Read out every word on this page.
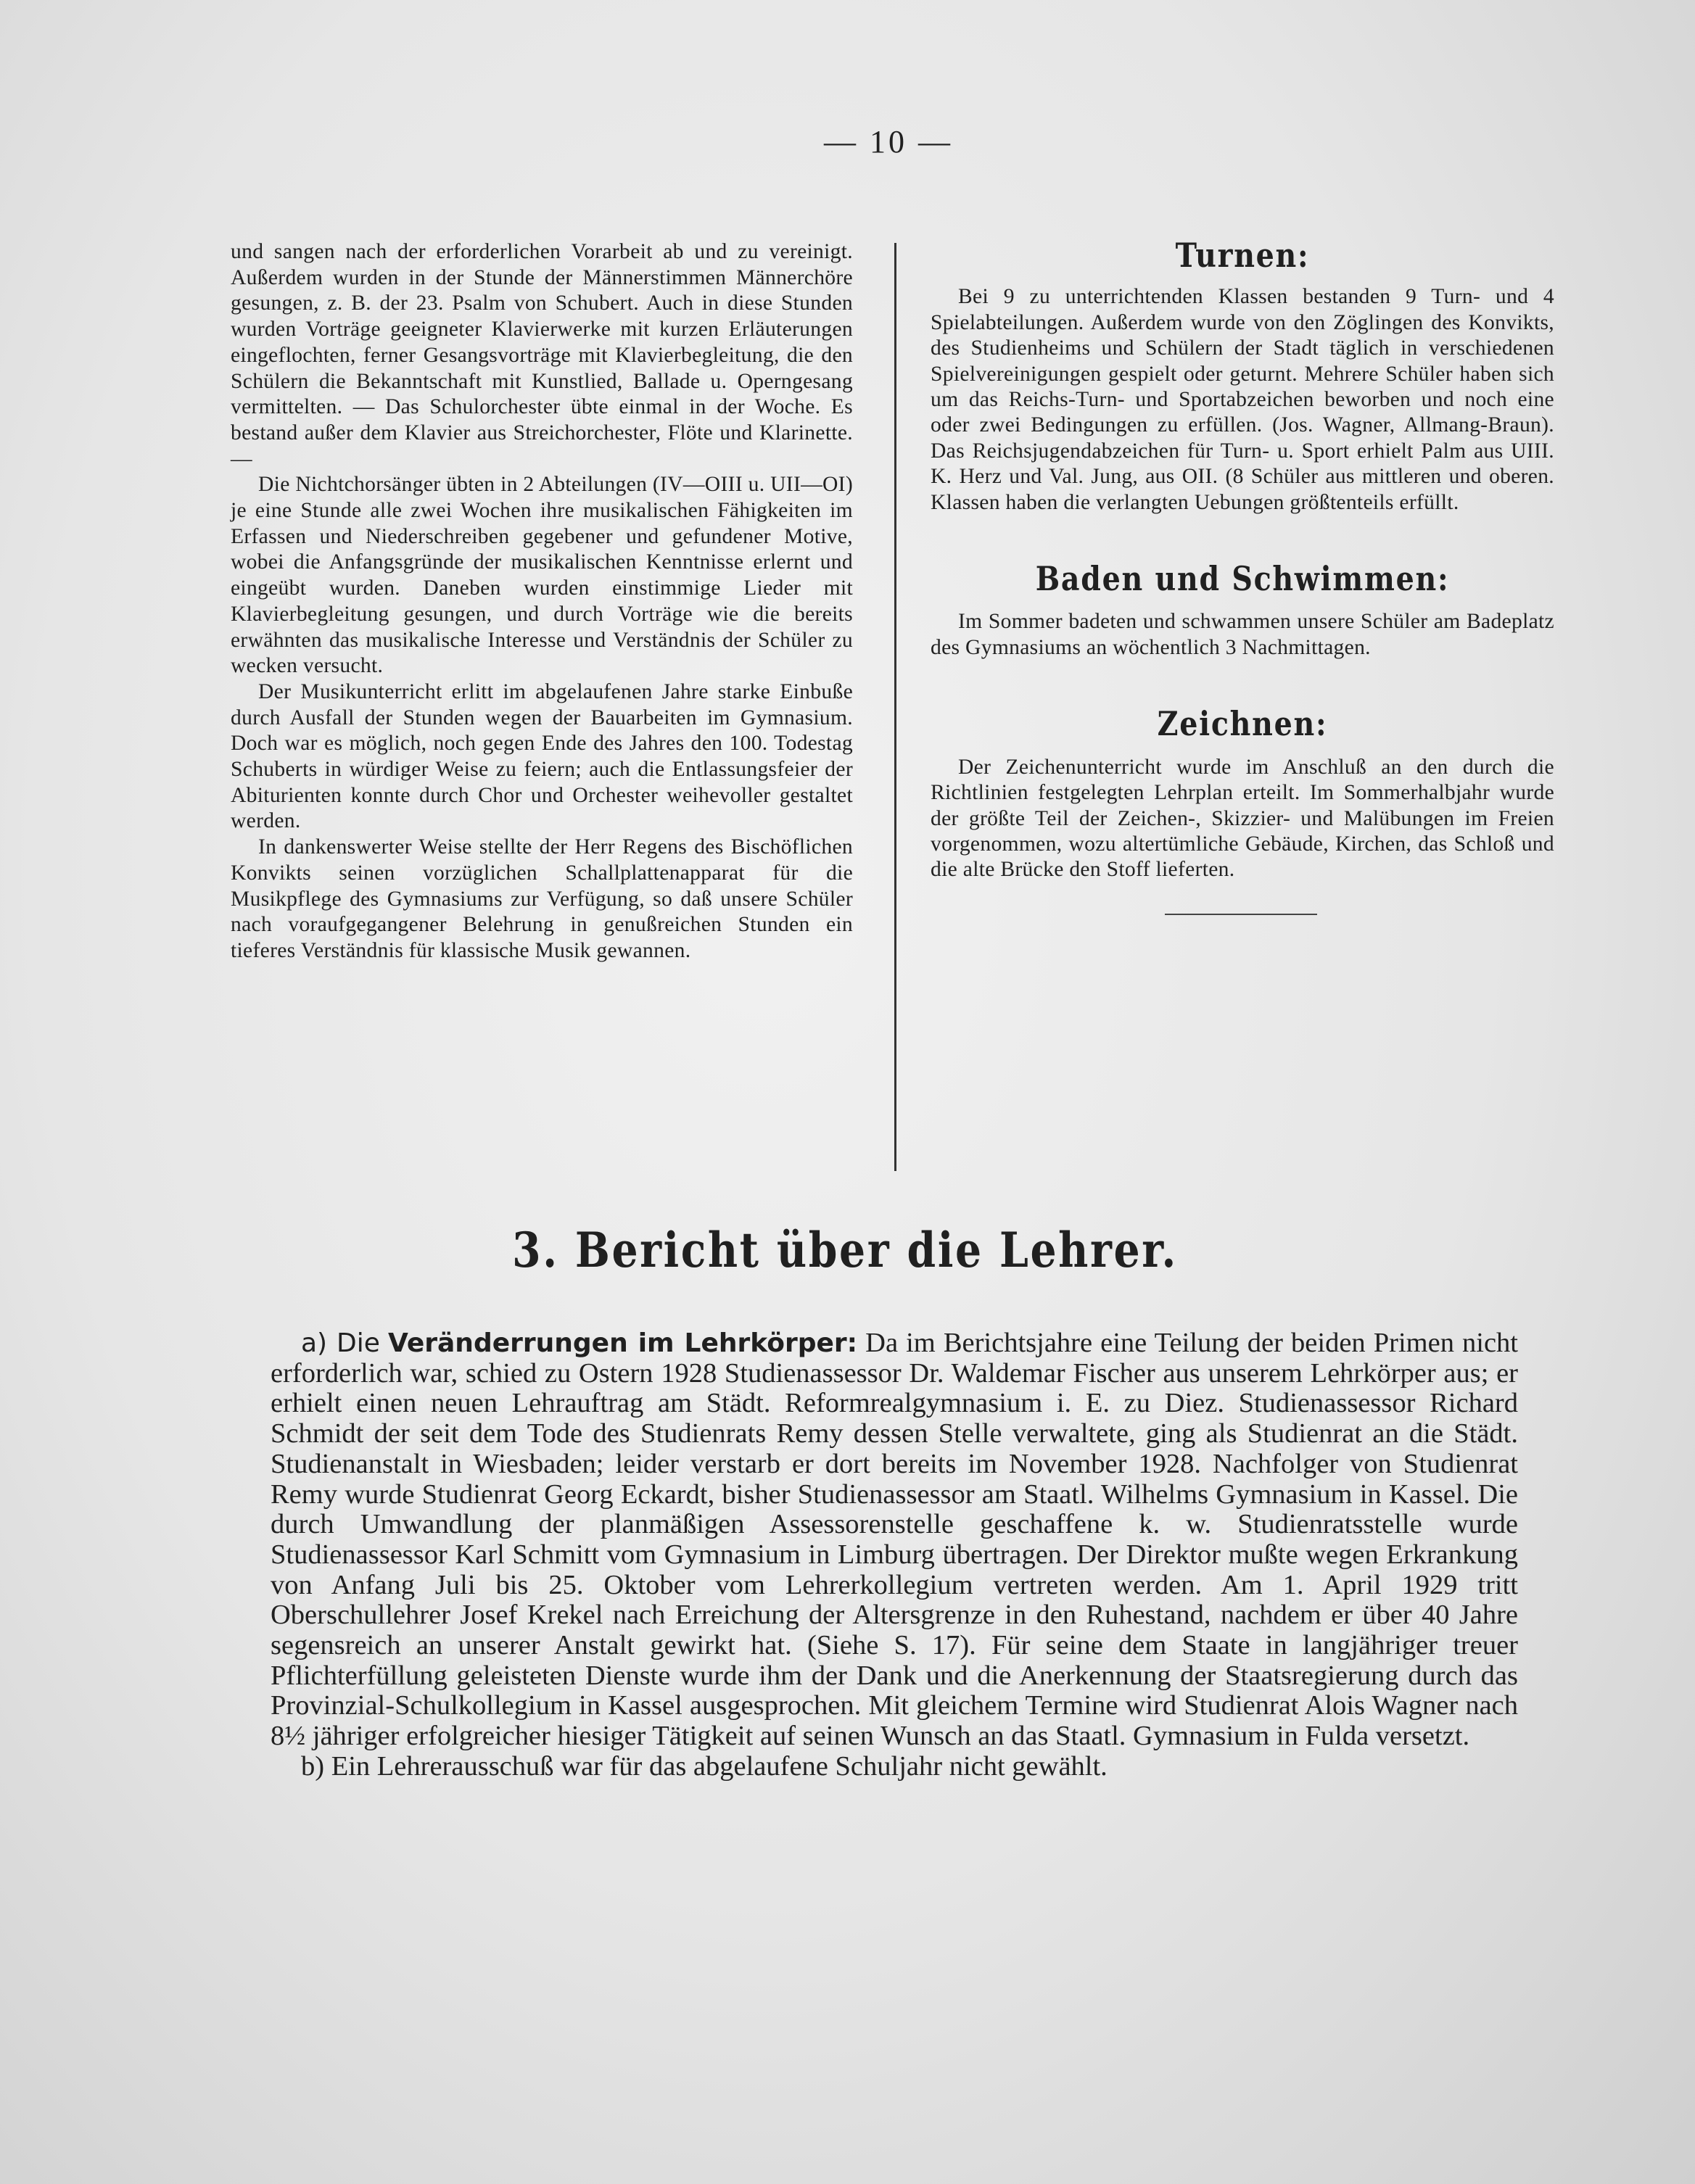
— 10 —

und sangen nach der erforderlichen Vorarbeit ab und zu vereinigt. Außerdem wurden in der Stunde der Männerstimmen Männerchöre gesungen, z. B. der 23. Psalm von Schubert. Auch in diese Stunden wurden Vorträge geeigneter Klavierwerke mit kurzen Erläuterungen eingeflochten, ferner Gesangsvorträge mit Klavierbegleitung, die den Schülern die Bekanntschaft mit Kunstlied, Ballade u. Operngesang vermittelten. — Das Schulorchester übte einmal in der Woche. Es bestand außer dem Klavier aus Streichorchester, Flöte und Klarinette. —

Die Nichtchorsänger übten in 2 Abteilungen (IV—OIII u. UII—OI) je eine Stunde alle zwei Wochen ihre musikalischen Fähigkeiten im Erfassen und Niederschreiben gegebener und gefundener Motive, wobei die Anfangsgründe der musikalischen Kenntnisse erlernt und eingeübt wurden. Daneben wurden einstimmige Lieder mit Klavierbegleitung gesungen, und durch Vorträge wie die bereits erwähnten das musikalische Interesse und Verständnis der Schüler zu wecken versucht.

Der Musikunterricht erlitt im abgelaufenen Jahre starke Einbuße durch Ausfall der Stunden wegen der Bauarbeiten im Gymnasium. Doch war es möglich, noch gegen Ende des Jahres den 100. Todestag Schuberts in würdiger Weise zu feiern; auch die Entlassungsfeier der Abiturienten konnte durch Chor und Orchester weihevoller gestaltet werden.

In dankenswerter Weise stellte der Herr Regens des Bischöflichen Konvikts seinen vorzüglichen Schallplattenapparat für die Musikpflege des Gymnasiums zur Verfügung, so daß unsere Schüler nach voraufgegangener Belehrung in genußreichen Stunden ein tieferes Verständnis für klassische Musik gewannen.

Turnen:

Bei 9 zu unterrichtenden Klassen bestanden 9 Turn- und 4 Spielabteilungen. Außerdem wurde von den Zöglingen des Konvikts, des Studienheims und Schülern der Stadt täglich in verschiedenen Spielvereinigungen gespielt oder geturnt. Mehrere Schüler haben sich um das Reichs-Turn- und Sportabzeichen beworben und noch eine oder zwei Bedingungen zu erfüllen. (Jos. Wagner, Allmang-Braun). Das Reichsjugendabzeichen für Turn- u. Sport erhielt Palm aus UIII. K. Herz und Val. Jung, aus OII. (8 Schüler aus mittleren und oberen. Klassen haben die verlangten Uebungen größtenteils erfüllt.

Baden und Schwimmen:

Im Sommer badeten und schwammen unsere Schüler am Badeplatz des Gymnasiums an wöchentlich 3 Nachmittagen.

Zeichnen:

Der Zeichenunterricht wurde im Anschluß an den durch die Richtlinien festgelegten Lehrplan erteilt. Im Sommerhalbjahr wurde der größte Teil der Zeichen-, Skizzier- und Malübungen im Freien vorgenommen, wozu altertümliche Gebäude, Kirchen, das Schloß und die alte Brücke den Stoff lieferten.

3. Bericht über die Lehrer.

a) Die Veränderrungen im Lehrkörper: Da im Berichtsjahre eine Teilung der beiden Primen nicht erforderlich war, schied zu Ostern 1928 Studienassessor Dr. Waldemar Fischer aus unserem Lehrkörper aus; er erhielt einen neuen Lehrauftrag am Städt. Reformrealgymnasium i. E. zu Diez. Studienassessor Richard Schmidt der seit dem Tode des Studienrats Remy dessen Stelle verwaltete, ging als Studienrat an die Städt. Studienanstalt in Wiesbaden; leider verstarb er dort bereits im November 1928. Nachfolger von Studienrat Remy wurde Studienrat Georg Eckardt, bisher Studienassessor am Staatl. Wilhelms Gymnasium in Kassel. Die durch Umwandlung der planmäßigen Assessorenstelle geschaffene k. w. Studienratsstelle wurde Studienassessor Karl Schmitt vom Gymnasium in Limburg übertragen. Der Direktor mußte wegen Erkrankung von Anfang Juli bis 25. Oktober vom Lehrerkollegium vertreten werden. Am 1. April 1929 tritt Oberschullehrer Josef Krekel nach Erreichung der Altersgrenze in den Ruhestand, nachdem er über 40 Jahre segensreich an unserer Anstalt gewirkt hat. (Siehe S. 17). Für seine dem Staate in langjähriger treuer Pflichterfüllung geleisteten Dienste wurde ihm der Dank und die Anerkennung der Staatsregierung durch das Provinzial-Schulkollegium in Kassel ausgesprochen. Mit gleichem Termine wird Studienrat Alois Wagner nach 8½ jähriger erfolgreicher hiesiger Tätigkeit auf seinen Wunsch an das Staatl. Gymnasium in Fulda versetzt.

b) Ein Lehrerausschuß war für das abgelaufene Schuljahr nicht gewählt.
